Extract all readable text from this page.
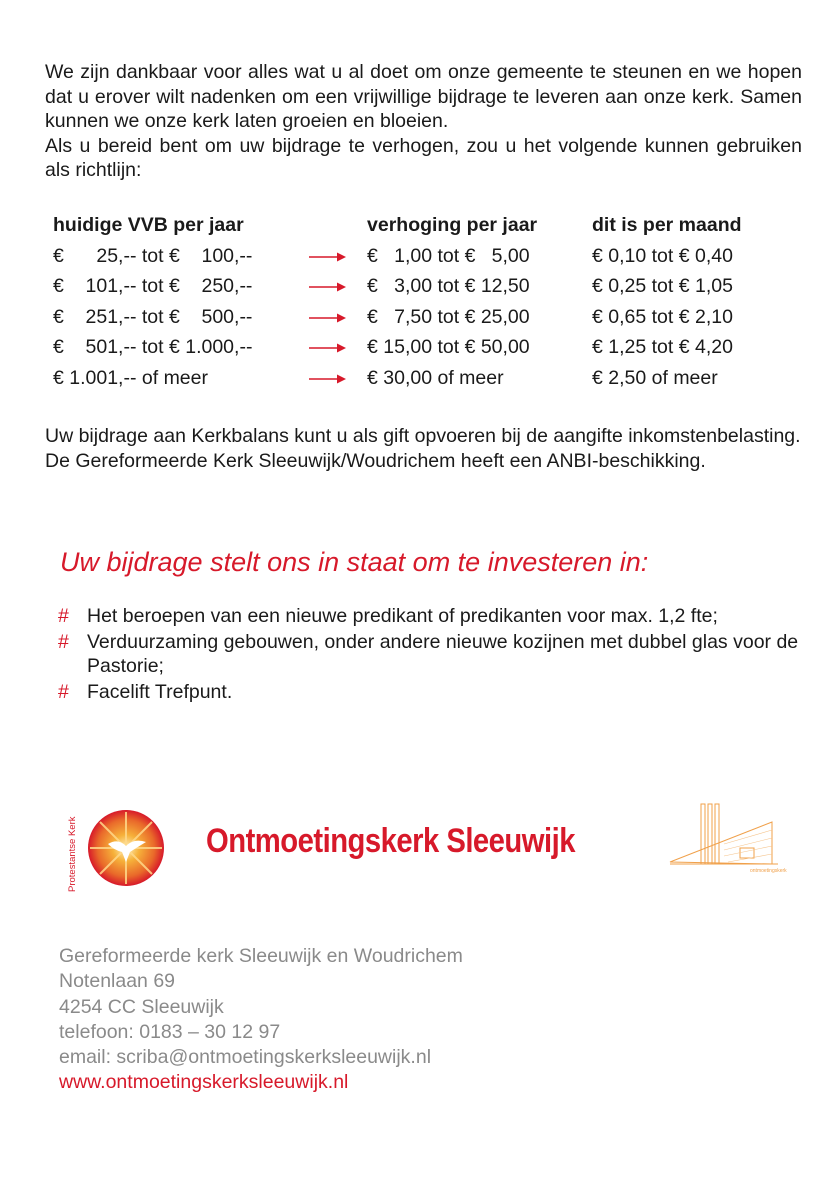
We zijn dankbaar voor alles wat u al doet om onze gemeente te steunen en we hopen dat u erover wilt nadenken om een vrijwillige bijdrage te leveren aan onze kerk. Samen kunnen we onze kerk laten groeien en bloeien.

Als u bereid bent om uw bijdrage te verhogen, zou u het volgende kunnen gebruiken als richtlijn:

huidige VVB per jaar		verhoging per jaar	dit is per maand
€      25,-- tot €    100,--		€   1,00 tot €   5,00	€ 0,10 tot € 0,40
€    101,-- tot €    250,--		€   3,00 tot € 12,50	€ 0,25 tot € 1,05
€    251,-- tot €    500,--		€   7,50 tot € 25,00	€ 0,65 tot € 2,10
€    501,-- tot € 1.000,--		€ 15,00 tot € 50,00	€ 1,25 tot € 4,20
€ 1.001,-- of meer		€ 30,00 of meer	€ 2,50 of meer

Uw bijdrage aan Kerkbalans kunt u als gift opvoeren bij de aangifte inkomstenbelasting.

De Gereformeerde Kerk Sleeuwijk/Woudrichem heeft een ANBI-beschikking.

Uw bijdrage stelt ons in staat om te investeren in:
# Het beroepen van een nieuwe predikant of predikanten voor max. 1,2 fte;
# Verduurzaming gebouwen, onder andere nieuwe kozijnen met dubbel glas voor de Pastorie;
# Facelift Trefpunt.
Protestantse Kerk	Ontmoetingskerk Sleeuwijk
ontmoetingskerk
Gereformeerde kerk Sleeuwijk en Woudrichem
Notenlaan 69
4254 CC Sleeuwijk
telefoon: 0183 – 30 12 97
email: scriba@ontmoetingskerksleeuwijk.nl
www.ontmoetingskerksleeuwijk.nl
